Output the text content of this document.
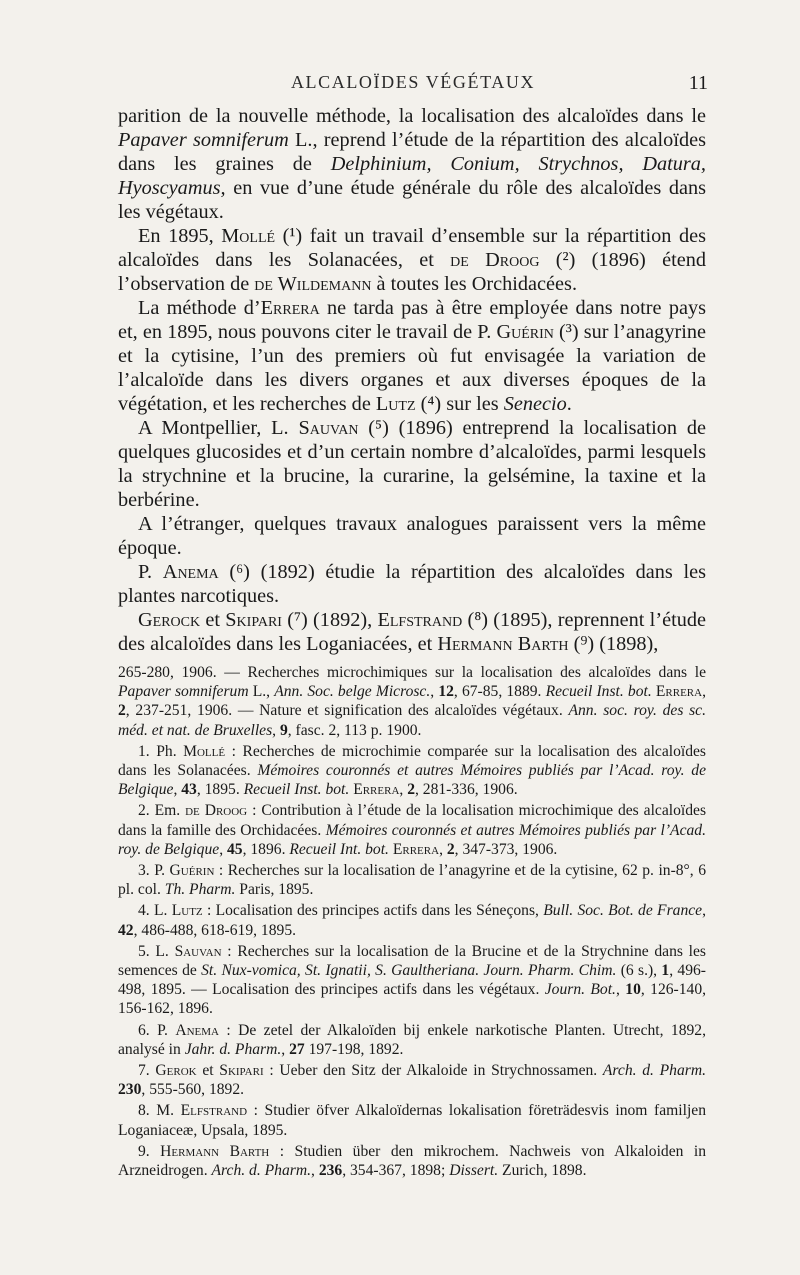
ALCALOÏDES VÉGÉTAUX	11

parition de la nouvelle méthode, la localisation des alcaloïdes dans le Papaver somniferum L., reprend l’étude de la répartition des alcaloïdes dans les graines de Delphinium, Conium, Strychnos, Datura, Hyoscyamus, en vue d’une étude générale du rôle des alcaloïdes dans les végétaux.

En 1895, Mollé (¹) fait un travail d’ensemble sur la répartition des alcaloïdes dans les Solanacées, et de Droog (²) (1896) étend l’observation de de Wildemann à toutes les Orchidacées.

La méthode d’Errera ne tarda pas à être employée dans notre pays et, en 1895, nous pouvons citer le travail de P. Guérin (³) sur l’anagyrine et la cytisine, l’un des premiers où fut envisagée la variation de l’alcaloïde dans les divers organes et aux diverses époques de la végétation, et les recherches de Lutz (⁴) sur les Senecio.

A Montpellier, L. Sauvan (⁵) (1896) entreprend la localisation de quelques glucosides et d’un certain nombre d’alcaloïdes, parmi lesquels la strychnine et la brucine, la curarine, la gelsémine, la taxine et la berbérine.

A l’étranger, quelques travaux analogues paraissent vers la même époque.

P. Anema (⁶) (1892) étudie la répartition des alcaloïdes dans les plantes narcotiques.

Gerock et Skipari (⁷) (1892), Elfstrand (⁸) (1895), reprennent l’étude des alcaloïdes dans les Loganiacées, et Hermann Barth (⁹) (1898),

265-280, 1906. — Recherches microchimiques sur la localisation des alcaloïdes dans le Papaver somniferum L., Ann. Soc. belge Microsc., 12, 67-85, 1889. Recueil Inst. bot. Errera, 2, 237-251, 1906. — Nature et signification des alcaloïdes végétaux. Ann. soc. roy. des sc. méd. et nat. de Bruxelles, 9, fasc. 2, 113 p. 1900.

1. Ph. Mollé : Recherches de microchimie comparée sur la localisation des alcaloïdes dans les Solanacées. Mémoires couronnés et autres Mémoires publiés par l’Acad. roy. de Belgique, 43, 1895. Recueil Inst. bot. Errera, 2, 281-336, 1906.

2. Em. de Droog : Contribution à l’étude de la localisation microchimique des alcaloïdes dans la famille des Orchidacées. Mémoires couronnés et autres Mémoires publiés par l’Acad. roy. de Belgique, 45, 1896. Recueil Int. bot. Errera, 2, 347-373, 1906.

3. P. Guérin : Recherches sur la localisation de l’anagyrine et de la cytisine, 62 p. in-8°, 6 pl. col. Th. Pharm. Paris, 1895.

4. L. Lutz : Localisation des principes actifs dans les Séneçons, Bull. Soc. Bot. de France, 42, 486-488, 618-619, 1895.

5. L. Sauvan : Recherches sur la localisation de la Brucine et de la Strychnine dans les semences de St. Nux-vomica, St. Ignatii, S. Gaultheriana. Journ. Pharm. Chim. (6 s.), 1, 496-498, 1895. — Localisation des principes actifs dans les végétaux. Journ. Bot., 10, 126-140, 156-162, 1896.

6. P. Anema : De zetel der Alkaloïden bij enkele narkotische Planten. Utrecht, 1892, analysé in Jahr. d. Pharm., 27 197-198, 1892.

7. Gerok et Skipari : Ueber den Sitz der Alkaloide in Strychnossamen. Arch. d. Pharm. 230, 555-560, 1892.

8. M. Elfstrand : Studier öfver Alkaloïdernas lokalisation företrädesvis inom familjen Loganiaceæ, Upsala, 1895.

9. Hermann Barth : Studien über den mikrochem. Nachweis von Alkaloiden in Arzneidrogen. Arch. d. Pharm., 236, 354-367, 1898; Dissert. Zurich, 1898.
